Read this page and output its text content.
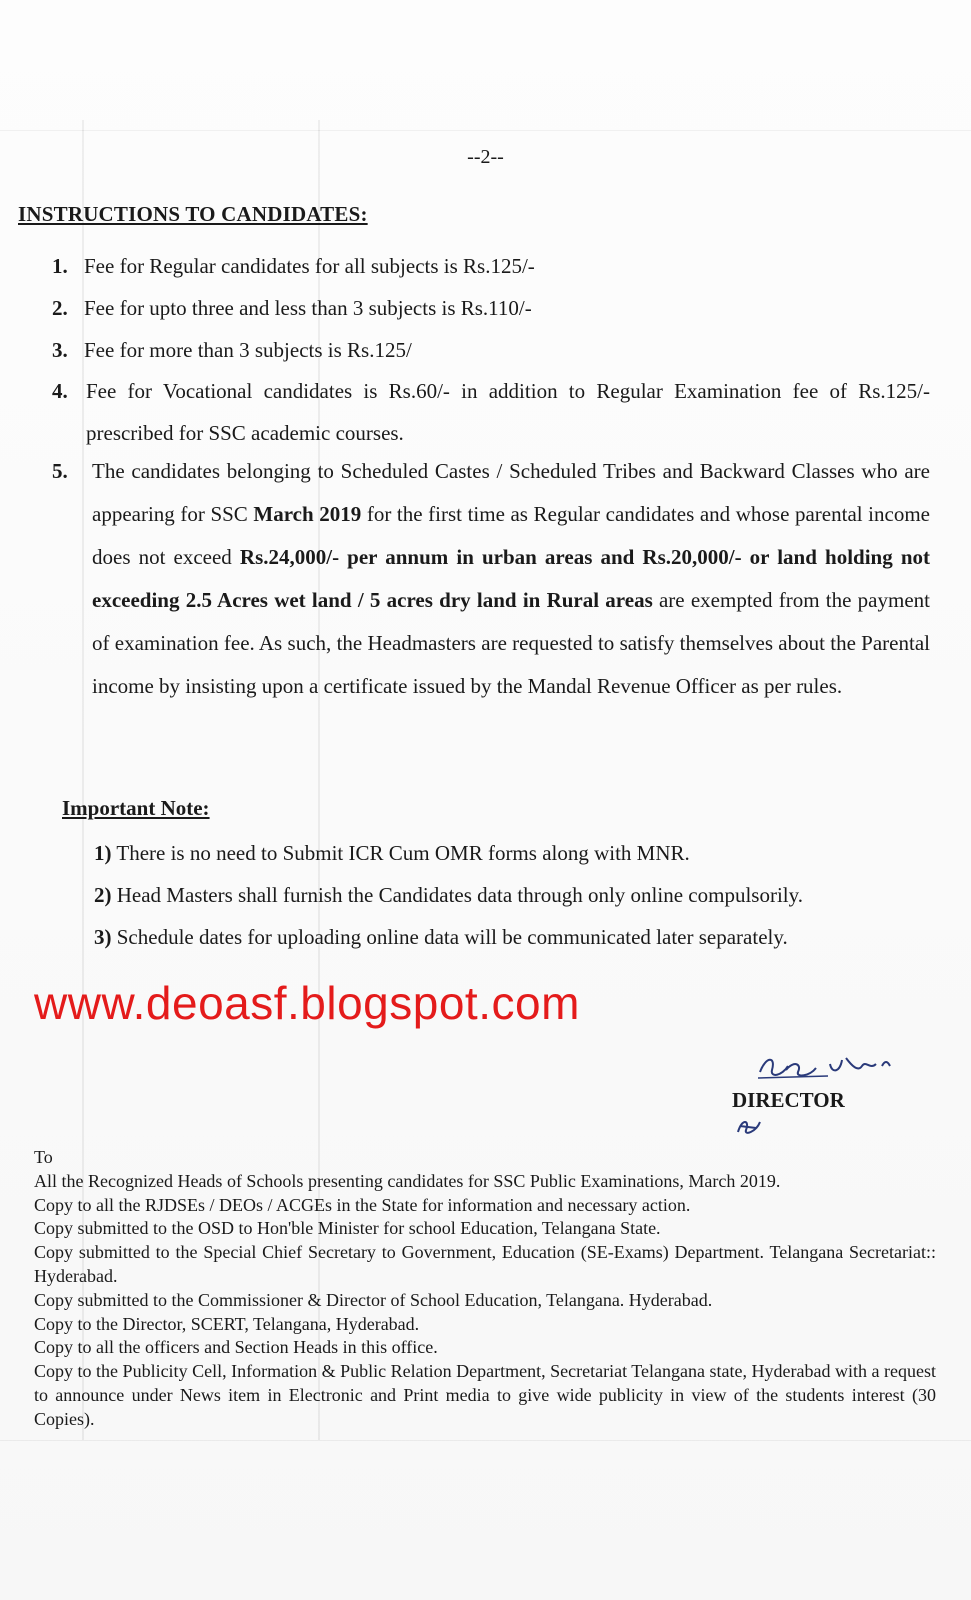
--2--
INSTRUCTIONS TO CANDIDATES:
1. Fee for Regular candidates for all subjects is Rs.125/-
2. Fee for upto three and less than 3 subjects is Rs.110/-
3. Fee for more than 3 subjects is Rs.125/
4. Fee for Vocational candidates is Rs.60/- in addition to Regular Examination fee of Rs.125/- prescribed for SSC academic courses.
5. The candidates belonging to Scheduled Castes / Scheduled Tribes and Backward Classes who are appearing for SSC March 2019 for the first time as Regular candidates and whose parental income does not exceed Rs.24,000/- per annum in urban areas and Rs.20,000/- or land holding not exceeding 2.5 Acres wet land / 5 acres dry land in Rural areas are exempted from the payment of examination fee. As such, the Headmasters are requested to satisfy themselves about the Parental income by insisting upon a certificate issued by the Mandal Revenue Officer as per rules.
Important Note:
1) There is no need to Submit ICR Cum OMR forms along with MNR.
2) Head Masters shall furnish the Candidates data through only online compulsorily.
3) Schedule dates for uploading online data will be communicated later separately.
www.deoasf.blogspot.com
DIRECTOR

To

All the Recognized Heads of Schools presenting candidates for SSC Public Examinations, March 2019.

Copy to all the RJDSEs / DEOs / ACGEs in the State for information and necessary action.

Copy submitted to the OSD to Hon'ble Minister for school Education, Telangana State.

Copy submitted to the Special Chief Secretary to Government, Education (SE-Exams) Department. Telangana Secretariat:: Hyderabad.

Copy submitted to the Commissioner & Director of School Education, Telangana. Hyderabad.

Copy to the Director, SCERT, Telangana, Hyderabad.

Copy to all the officers and Section Heads in this office.

Copy to the Publicity Cell, Information & Public Relation Department, Secretariat Telangana state, Hyderabad with a request to announce under News item in Electronic and Print media to give wide publicity in view of the students interest (30 Copies).
